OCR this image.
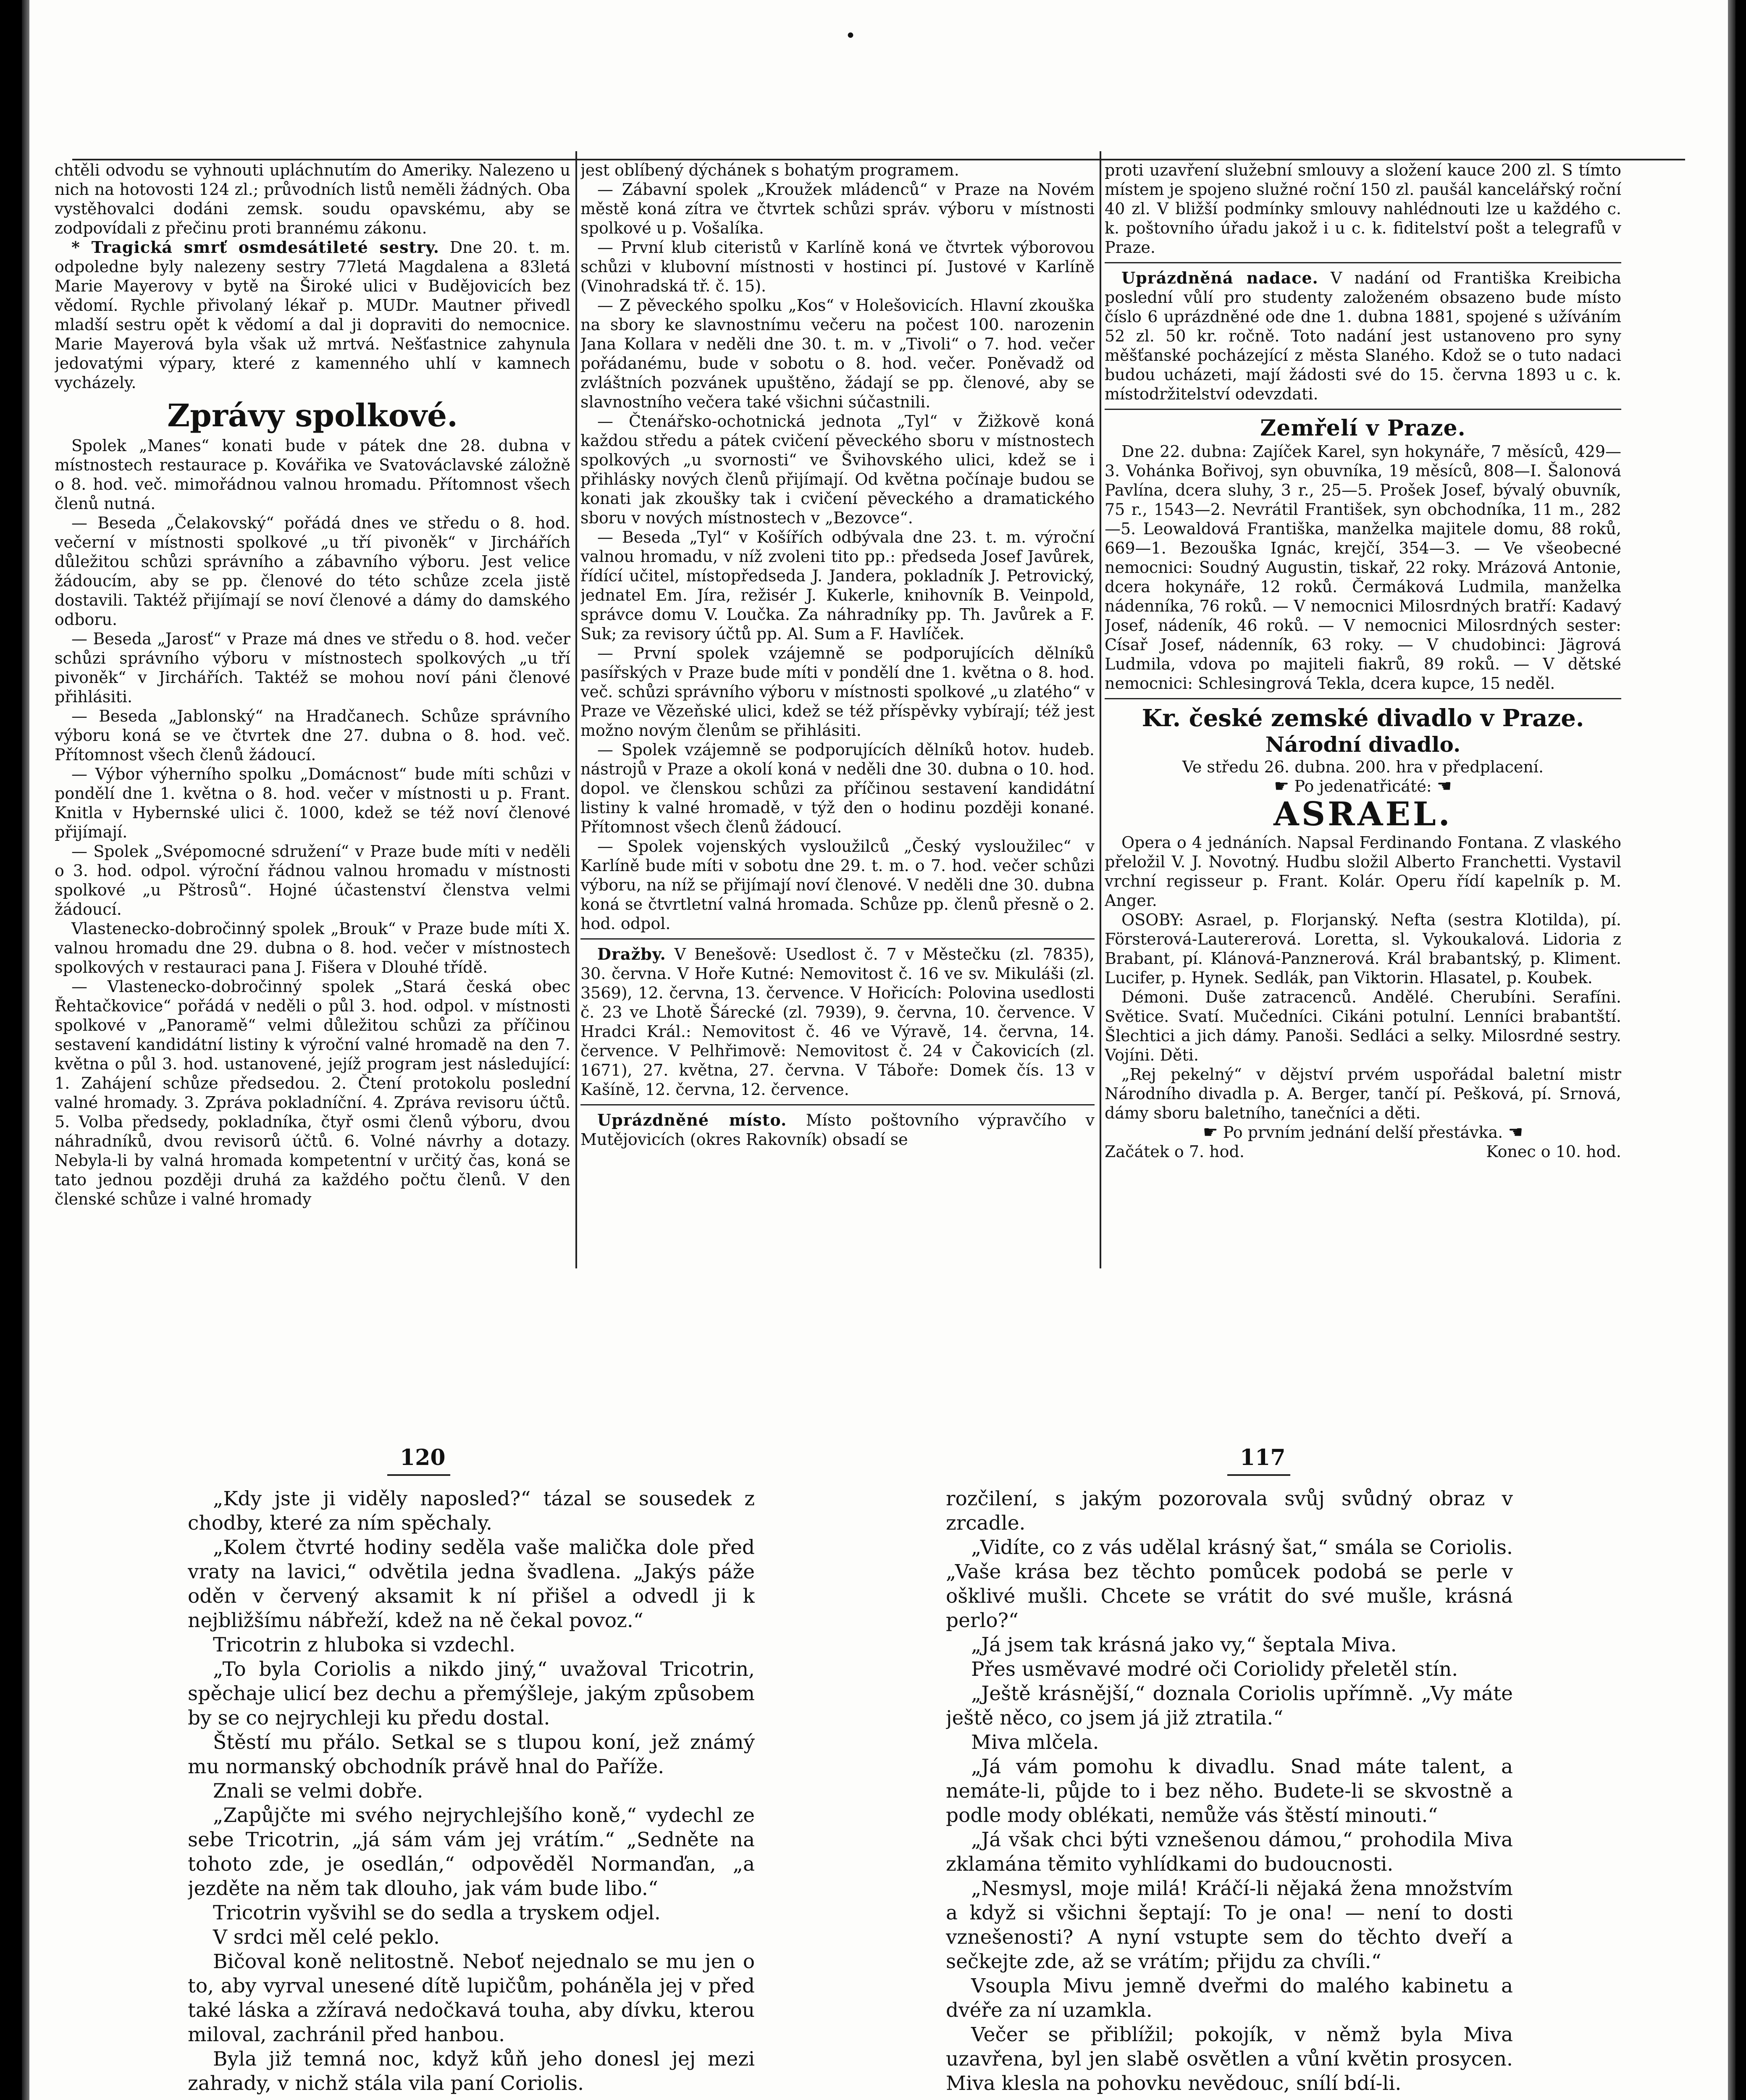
•

chtěli odvodu se vyhnouti upláchnutím do Ameriky. Nalezeno u nich na hotovosti 124 zl.; průvodních listů neměli žádných. Oba vystěhovalci dodáni zemsk. soudu opavskému, aby se zodpovídali z přečinu proti brannému zákonu.

* Tragická smrť osmdesátileté sestry. Dne 20. t. m. odpoledne byly nalezeny sestry 77letá Magdalena a 83letá Marie Mayerovy v bytě na Široké ulici v Budějovicích bez vědomí. Rychle přivolaný lékař p. MUDr. Mautner přivedl mladší sestru opět k vědomí a dal ji dopraviti do nemocnice. Marie Mayerová byla však už mrtvá. Nešťastnice zahynula jedovatými výpary, které z kamenného uhlí v kamnech vycházely.

Zprávy spolkové.

Spolek „Manes“ konati bude v pátek dne 28. dubna v místnostech restaurace p. Kovářika ve Svatováclavské záložně o 8. hod. več. mimořádnou valnou hromadu. Přítomnost všech členů nutná.

— Beseda „Čelakovský“ pořádá dnes ve středu o 8. hod. večerní v místnosti spolkové „u tří pivoněk“ v Jirchářích důležitou schůzi správního a zábavního výboru. Jest velice žádoucím, aby se pp. členové do této schůze zcela jistě dostavili. Taktéž přijímají se noví členové a dámy do damského odboru.

— Beseda „Jarosť“ v Praze má dnes ve středu o 8. hod. večer schůzi správního výboru v místnostech spolkových „u tří pivoněk“ v Jirchářích. Taktéž se mohou noví páni členové přihlásiti.

— Beseda „Jablonský“ na Hradčanech. Schůze správního výboru koná se ve čtvrtek dne 27. dubna o 8. hod. več. Přítomnost všech členů žádoucí.

— Výbor výherního spolku „Domácnost“ bude míti schůzi v pondělí dne 1. května o 8. hod. večer v místnosti u p. Frant. Knitla v Hybernské ulici č. 1000, kdež se též noví členové přijímají.

— Spolek „Svépomocné sdružení“ v Praze bude míti v neděli o 3. hod. odpol. výroční řádnou valnou hromadu v místnosti spolkové „u Pštrosů“. Hojné účastenství členstva velmi žádoucí.

Vlastenecko-dobročinný spolek „Brouk“ v Praze bude míti X. valnou hromadu dne 29. dubna o 8. hod. večer v místnostech spolkových v restauraci pana J. Fišera v Dlouhé třídě.

— Vlastenecko-dobročinný spolek „Stará česká obec Řehtačkovice“ pořádá v neděli o půl 3. hod. odpol. v místnosti spolkové v „Panoramě“ velmi důležitou schůzi za příčinou sestavení kandidátní listiny k výroční valné hromadě na den 7. května o půl 3. hod. ustanovené, jejíž program jest následující: 1. Zahájení schůze předsedou. 2. Čtení protokolu poslední valné hromady. 3. Zpráva pokladníční. 4. Zpráva revisoru účtů. 5. Volba předsedy, pokladníka, čtyř osmi členů výboru, dvou náhradníků, dvou revisorů účtů. 6. Volné návrhy a dotazy. Nebyla-li by valná hromada kompetentní v určitý čas, koná se tato jednou později druhá za každého počtu členů. V den členské schůze i valné hromady

jest oblíbený dýchánek s bohatým programem.

— Zábavní spolek „Kroužek mládenců“ v Praze na Novém městě koná zítra ve čtvrtek schůzi správ. výboru v místnosti spolkové u p. Vošalíka.

— První klub citeristů v Karlíně koná ve čtvrtek výborovou schůzi v klubovní místnosti v hostinci pí. Justové v Karlíně (Vinohradská tř. č. 15).

— Z pěveckého spolku „Kos“ v Holešovicích. Hlavní zkouška na sbory ke slavnostnímu večeru na počest 100. narozenin Jana Kollara v neděli dne 30. t. m. v „Tivoli“ o 7. hod. večer pořádanému, bude v sobotu o 8. hod. večer. Poněvadž od zvláštních pozvánek upuštěno, žádají se pp. členové, aby se slavnostního večera také všichni súčastnili.

— Čtenářsko-ochotnická jednota „Tyl“ v Žižkově koná každou středu a pátek cvičení pěveckého sboru v místnostech spolkových „u svornosti“ ve Švihovského ulici, kdež se i přihlásky nových členů přijímají. Od května počínaje budou se konati jak zkoušky tak i cvičení pěveckého a dramatického sboru v nových místnostech v „Bezovce“.

— Beseda „Tyl“ v Košířích odbývala dne 23. t. m. výroční valnou hromadu, v níž zvoleni tito pp.: předseda Josef Javůrek, řídící učitel, místopředseda J. Jandera, pokladník J. Petrovický, jednatel Em. Jíra, režisér J. Kukerle, knihovník B. Veinpold, správce domu V. Loučka. Za náhradníky pp. Th. Javůrek a F. Suk; za revisory účtů pp. Al. Sum a F. Havlíček.

— První spolek vzájemně se podporujících dělníků pasířských v Praze bude míti v pondělí dne 1. května o 8. hod. več. schůzi správního výboru v místnosti spolkové „u zlatého“ v Praze ve Vězeňské ulici, kdež se též příspěvky vybírají; též jest možno novým členům se přihlásiti.

— Spolek vzájemně se podporujících dělníků hotov. hudeb. nástrojů v Praze a okolí koná v neděli dne 30. dubna o 10. hod. dopol. ve členskou schůzi za příčinou sestavení kandidátní listiny k valné hromadě, v týž den o hodinu později konané. Přítomnost všech členů žádoucí.

— Spolek vojenských vysloužilců „Český vysloužilec“ v Karlíně bude míti v sobotu dne 29. t. m. o 7. hod. večer schůzi výboru, na níž se přijímají noví členové. V neděli dne 30. dubna koná se čtvrtletní valná hromada. Schůze pp. členů přesně o 2. hod. odpol.

Dražby. V Benešově: Usedlost č. 7 v Městečku (zl. 7835), 30. června. V Hoře Kutné: Nemovitost č. 16 ve sv. Mikuláši (zl. 3569), 12. června, 13. července. V Hořicích: Polovina usedlosti č. 23 ve Lhotě Šárecké (zl. 7939), 9. června, 10. července. V Hradci Král.: Nemovitost č. 46 ve Výravě, 14. června, 14. července. V Pelhřimově: Nemovitost č. 24 v Čakovicích (zl. 1671), 27. května, 27. června. V Táboře: Domek čís. 13 v Kašíně, 12. června, 12. července.

Uprázdněné místo. Místo poštovního výpravčího v Mutějovicích (okres Rakovník) obsadí se

proti uzavření služební smlouvy a složení kauce 200 zl. S tímto místem je spojeno služné roční 150 zl. paušál kancelářský roční 40 zl. V bližší podmínky smlouvy nahlédnouti lze u každého c. k. poštovního úřadu jakož i u c. k. fiditelství pošt a telegrafů v Praze.

Uprázdněná nadace. V nadání od Františka Kreibicha poslední vůlí pro studenty založeném obsazeno bude místo číslo 6 uprázdněné ode dne 1. dubna 1881, spojené s užíváním 52 zl. 50 kr. ročně. Toto nadání jest ustanoveno pro syny měšťanské pocházející z města Slaného. Kdož se o tuto nadaci budou ucházeti, mají žádosti své do 15. června 1893 u c. k. místodržitelství odevzdati.

Zemřelí v Praze.

Dne 22. dubna: Zajíček Karel, syn hokynáře, 7 měsíců, 429—3. Vohánka Bořivoj, syn obuvníka, 19 měsíců, 808—I. Šalonová Pavlína, dcera sluhy, 3 r., 25—5. Prošek Josef, bývalý obuvník, 75 r., 1543—2. Nevrátil František, syn obchodníka, 11 m., 282—5. Leowaldová Františka, manželka majitele domu, 88 roků, 669—1. Bezouška Ignác, krejčí, 354—3. — Ve všeobecné nemocnici: Soudný Augustin, tiskař, 22 roky. Mrázová Antonie, dcera hokynáře, 12 roků. Čermáková Ludmila, manželka nádenníka, 76 roků. — V nemocnici Milosrdných bratří: Kadavý Josef, nádeník, 46 roků. — V nemocnici Milosrdných sester: Císař Josef, nádenník, 63 roky. — V chudobinci: Jägrová Ludmila, vdova po majiteli fiakrů, 89 roků. — V dětské nemocnici: Schlesingrová Tekla, dcera kupce, 15 neděl.

Kr. české zemské divadlo v Praze.
Národní divadlo.
Ve středu 26. dubna. 200. hra v předplacení.
☛ Po jedenatřicáté: ☚
ASRAEL.

Opera o 4 jednáních. Napsal Ferdinando Fontana. Z vlaského přeložil V. J. Novotný. Hudbu složil Alberto Franchetti. Vystavil vrchní regisseur p. Frant. Kolár. Operu řídí kapelník p. M. Anger.

OSOBY: Asrael, p. Florjanský. Nefta (sestra Klotilda), pí. Försterová-Lautererová. Loretta, sl. Vykoukalová. Lidoria z Brabant, pí. Klánová-Panznerová. Král brabantský, p. Kliment. Lucifer, p. Hynek. Sedlák, pan Viktorin. Hlasatel, p. Koubek.

Démoni. Duše zatracenců. Andělé. Cherubíni. Serafíni. Světice. Svatí. Mučedníci. Cikáni potulní. Lenníci brabantští. Šlechtici a jich dámy. Panoši. Sedláci a selky. Milosrdné sestry. Vojíni. Děti.

„Rej pekelný“ v dějství prvém uspořádal baletní mistr Národního divadla p. A. Berger, tančí pí. Pešková, pí. Srnová, dámy sboru baletního, tanečníci a děti.

☛ Po prvním jednání delší přestávka. ☚
Začátek o 7. hod.	Konec o 10. hod.
120	117

„Kdy jste ji viděly naposled?“ tázal se sousedek z chodby, které za ním spěchaly.

„Kolem čtvrté hodiny seděla vaše malička dole před vraty na lavici,“ odvětila jedna švadlena. „Jakýs páže oděn v červený aksamit k ní přišel a odvedl ji k nejbližšímu nábřeží, kdež na ně čekal povoz.“

Tricotrin z hluboka si vzdechl.

„To byla Coriolis a nikdo jiný,“ uvažoval Tricotrin, spěchaje ulicí bez dechu a přemýšleje, jakým způsobem by se co nejrychleji ku předu dostal.

Štěstí mu přálo. Setkal se s tlupou koní, jež známý mu normanský obchodník právě hnal do Paříže.

Znali se velmi dobře.

„Zapůjčte mi svého nejrychlejšího koně,“ vydechl ze sebe Tricotrin, „já sám vám jej vrátím.“ „Sedněte na tohoto zde, je osedlán,“ odpověděl Normanďan, „a jezděte na něm tak dlouho, jak vám bude libo.“

Tricotrin vyšvihl se do sedla a tryskem odjel.

V srdci měl celé peklo.

Bičoval koně nelitostně. Neboť nejednalo se mu jen o to, aby vyrval unesené dítě lupičům, poháněla jej v před také láska a zžíravá nedočkavá touha, aby dívku, kterou miloval, zachránil před hanbou.

Byla již temná noc, když kůň jeho donesl jej mezi zahrady, v nichž stála vila paní Coriolis.

rozčilení, s jakým pozorovala svůj svůdný obraz v zrcadle.

„Vidíte, co z vás udělal krásný šat,“ smála se Coriolis. „Vaše krása bez těchto pomůcek podobá se perle v ošklivé mušli. Chcete se vrátit do své mušle, krásná perlo?“

„Já jsem tak krásná jako vy,“ šeptala Miva.

Přes usměvavé modré oči Coriolidy přeletěl stín.

„Ještě krásnější,“ doznala Coriolis upřímně. „Vy máte ještě něco, co jsem já již ztratila.“

Miva mlčela.

„Já vám pomohu k divadlu. Snad máte talent, a nemáte-li, půjde to i bez něho. Budete-li se skvostně a podle mody oblékati, nemůže vás štěstí minouti.“

„Já však chci býti vznešenou dámou,“ prohodila Miva zklamána těmito vyhlídkami do budoucnosti.

„Nesmysl, moje milá! Kráčí-li nějaká žena množstvím a když si všichni šeptají: To je ona! — není to dosti vznešenosti? A nyní vstupte sem do těchto dveří a sečkejte zde, až se vrátím; přijdu za chvíli.“

Vsoupla Mivu jemně dveřmi do malého kabinetu a dvéře za ní uzamkla.

Večer se přiblížil; pokojík, v němž byla Miva uzavřena, byl jen slabě osvětlen a vůní květin prosycen. Miva klesla na pohovku nevědouc, snílí bdí-li.
